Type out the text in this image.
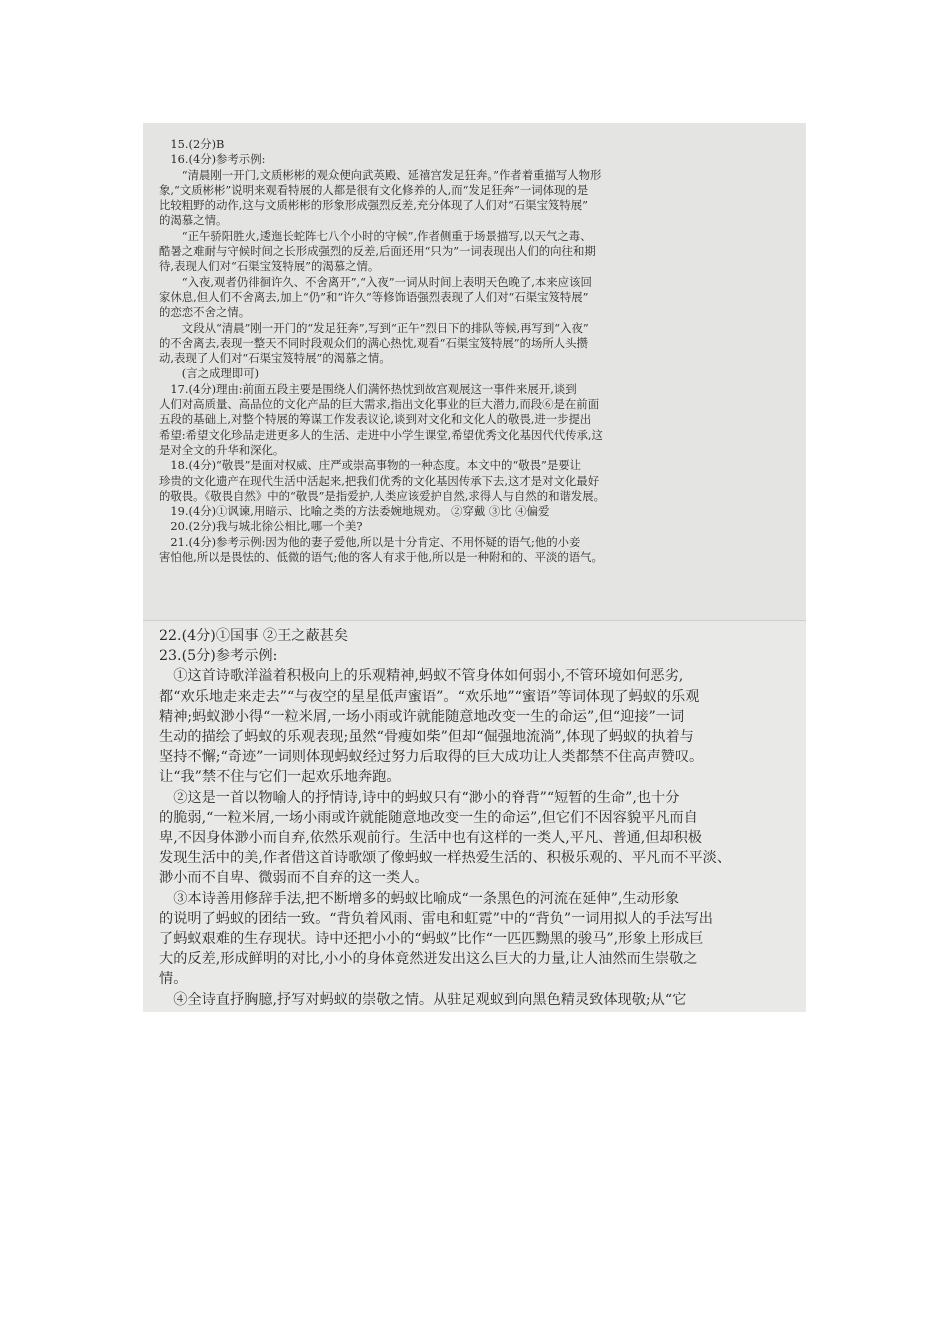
15.(2分)B
16.(4分)参考示例:
“清晨刚一开门,文质彬彬的观众便向武英殿、延禧宫发足狂奔。”作者着重描写人物形
象,“文质彬彬”说明来观看特展的人都是很有文化修养的人,而“发足狂奔”一词体现的是
比较粗野的动作,这与文质彬彬的形象形成强烈反差,充分体现了人们对“石渠宝笈特展”
的渴慕之情。
“正午骄阳胜火,逶迤长蛇阵七八个小时的守候”,作者侧重于场景描写,以天气之毒、
酷暑之难耐与守候时间之长形成强烈的反差,后面还用“只为”一词表现出人们的向往和期
待,表现人们对“石渠宝笈特展”的渴慕之情。
“入夜,观者仍徘徊许久、不舍离开”,“入夜”一词从时间上表明天色晚了,本来应该回
家休息,但人们不舍离去,加上“仍”和“许久”等修饰语强烈表现了人们对“石渠宝笈特展”
的恋恋不舍之情。
文段从“清晨”刚一开门的“发足狂奔”,写到“正午”烈日下的排队等候,再写到“入夜”
的不舍离去,表现一整天不同时段观众们的满心热忱,观看“石渠宝笈特展”的场所人头攒
动,表现了人们对“石渠宝笈特展”的渴慕之情。
(言之成理即可)
17.(4分)理由:前面五段主要是围绕人们满怀热忱到故宫观展这一事件来展开,谈到
人们对高质量、高品位的文化产品的巨大需求,指出文化事业的巨大潜力,而段⑥是在前面
五段的基础上,对整个特展的筹谋工作发表议论,谈到对文化和文化人的敬畏,进一步提出
希望:希望文化珍品走进更多人的生活、走进中小学生课堂,希望优秀文化基因代代传承,这
是对全文的升华和深化。
18.(4分)“敬畏”是面对权威、庄严或崇高事物的一种态度。本文中的“敬畏”是要让
珍贵的文化遗产在现代生活中活起来,把我们优秀的文化基因传承下去,这才是对文化最好
的敬畏。《敬畏自然》中的“敬畏”是指爱护,人类应该爱护自然,求得人与自然的和谐发展。
19.(4分)①讽谏,用暗示、比喻之类的方法委婉地规劝。 ②穿戴 ③比 ④偏爱
20.(2分)我与城北徐公相比,哪一个美?
21.(4分)参考示例:因为他的妻子爱他,所以是十分肯定、不用怀疑的语气;他的小妾
害怕他,所以是畏怯的、低微的语气;他的客人有求于他,所以是一种附和的、平淡的语气。
22.(4分)①国事 ②王之蔽甚矣
23.(5分)参考示例:
①这首诗歌洋溢着积极向上的乐观精神,蚂蚁不管身体如何弱小,不管环境如何恶劣,
都“欢乐地走来走去”“与夜空的星星低声蜜语”。“欢乐地”“蜜语”等词体现了蚂蚁的乐观
精神;蚂蚁渺小得“一粒米屑,一场小雨或许就能随意地改变一生的命运”,但“迎接”一词
生动的描绘了蚂蚁的乐观表现;虽然“骨瘦如柴”但却“倔强地流淌”,体现了蚂蚁的执着与
坚持不懈;“奇迹”一词则体现蚂蚁经过努力后取得的巨大成功让人类都禁不住高声赞叹。
让“我”禁不住与它们一起欢乐地奔跑。
②这是一首以物喻人的抒情诗,诗中的蚂蚁只有“渺小的脊背”“短暂的生命”,也十分
的脆弱,“一粒米屑,一场小雨或许就能随意地改变一生的命运”,但它们不因容貌平凡而自
卑,不因身体渺小而自弃,依然乐观前行。生活中也有这样的一类人,平凡、普通,但却积极
发现生活中的美,作者借这首诗歌颂了像蚂蚁一样热爱生活的、积极乐观的、平凡而不平淡、
渺小而不自卑、微弱而不自弃的这一类人。
③本诗善用修辞手法,把不断增多的蚂蚁比喻成“一条黑色的河流在延伸”,生动形象
的说明了蚂蚁的团结一致。“背负着风雨、雷电和虹霓”中的“背负”一词用拟人的手法写出
了蚂蚁艰难的生存现状。诗中还把小小的“蚂蚁”比作“一匹匹黝黑的骏马”,形象上形成巨
大的反差,形成鲜明的对比,小小的身体竟然迸发出这么巨大的力量,让人油然而生崇敬之
情。
④全诗直抒胸臆,抒写对蚂蚁的崇敬之情。从驻足观蚁到向黑色精灵致体现敬;从“它
